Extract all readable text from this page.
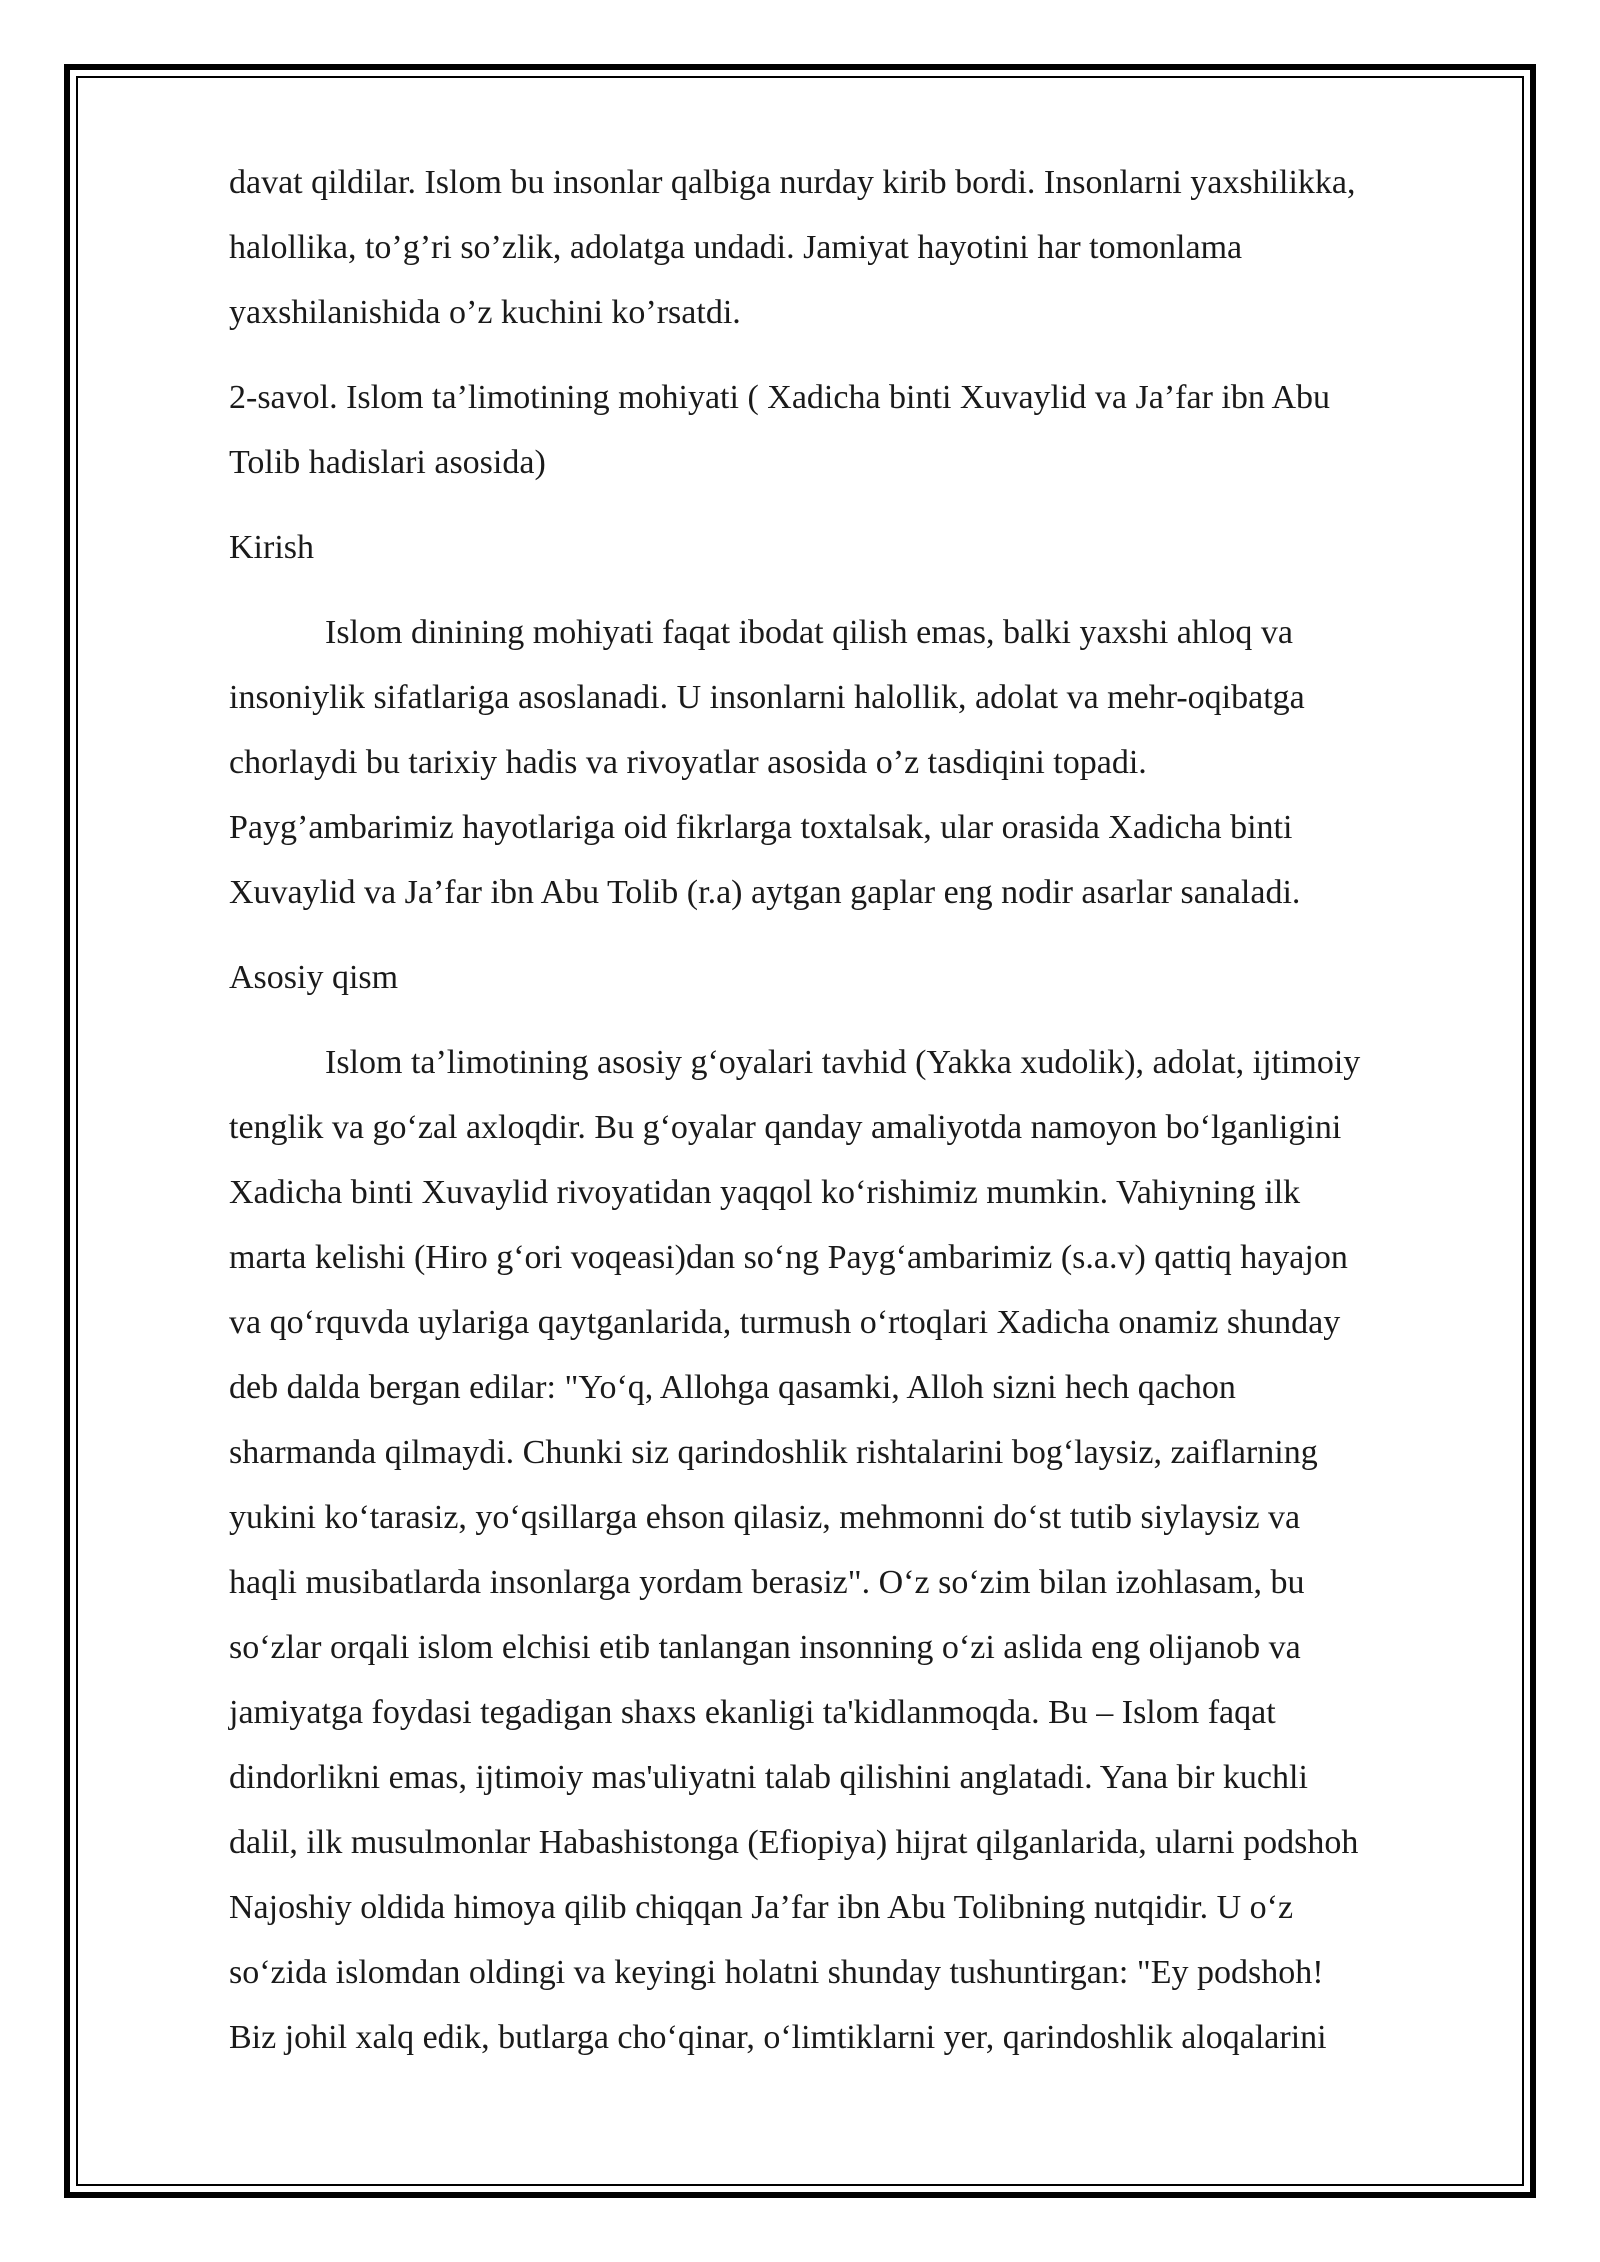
davat qildilar. Islom bu insonlar qalbiga nurday kirib bordi. Insonlarni yaxshilikka,
halollika, to’g’ri so’zlik, adolatga undadi. Jamiyat hayotini har tomonlama
yaxshilanishida o’z kuchini ko’rsatdi.

2-savol. Islom ta’limotining mohiyati ( Xadicha binti Xuvaylid va Ja’far ibn Abu
Tolib hadislari asosida)

Kirish

Islom dinining mohiyati faqat ibodat qilish emas, balki yaxshi ahloq va

insoniylik sifatlariga asoslanadi. U insonlarni halollik, adolat va mehr-oqibatga
chorlaydi bu tarixiy hadis va rivoyatlar asosida o’z tasdiqini topadi.
Payg’ambarimiz hayotlariga oid fikrlarga toxtalsak, ular orasida Xadicha binti
Xuvaylid va Ja’far ibn Abu Tolib (r.a) aytgan gaplar eng nodir asarlar sanaladi.

Asosiy qism

Islom ta’limotining asosiy g‘oyalari tavhid (Yakka xudolik), adolat, ijtimoiy

tenglik va go‘zal axloqdir. Bu g‘oyalar qanday amaliyotda namoyon bo‘lganligini
Xadicha binti Xuvaylid rivoyatidan yaqqol ko‘rishimiz mumkin. Vahiyning ilk
marta kelishi (Hiro g‘ori voqeasi)dan so‘ng Payg‘ambarimiz (s.a.v) qattiq hayajon
va qo‘rquvda uylariga qaytganlarida, turmush o‘rtoqlari Xadicha onamiz shunday
deb dalda bergan edilar: "Yo‘q, Allohga qasamki, Alloh sizni hech qachon
sharmanda qilmaydi. Chunki siz qarindoshlik rishtalarini bog‘laysiz, zaiflarning
yukini ko‘tarasiz, yo‘qsillarga ehson qilasiz, mehmonni do‘st tutib siylaysiz va
haqli musibatlarda insonlarga yordam berasiz". O‘z so‘zim bilan izohlasam, bu
so‘zlar orqali islom elchisi etib tanlangan insonning o‘zi aslida eng olijanob va
jamiyatga foydasi tegadigan shaxs ekanligi ta'kidlanmoqda. Bu – Islom faqat
dindorlikni emas, ijtimoiy mas'uliyatni talab qilishini anglatadi. Yana bir kuchli
dalil, ilk musulmonlar Habashistonga (Efiopiya) hijrat qilganlarida, ularni podshoh
Najoshiy oldida himoya qilib chiqqan Ja’far ibn Abu Tolibning nutqidir. U o‘z
so‘zida islomdan oldingi va keyingi holatni shunday tushuntirgan: "Ey podshoh!
Biz johil xalq edik, butlarga cho‘qinar, o‘limtiklarni yer, qarindoshlik aloqalarini
